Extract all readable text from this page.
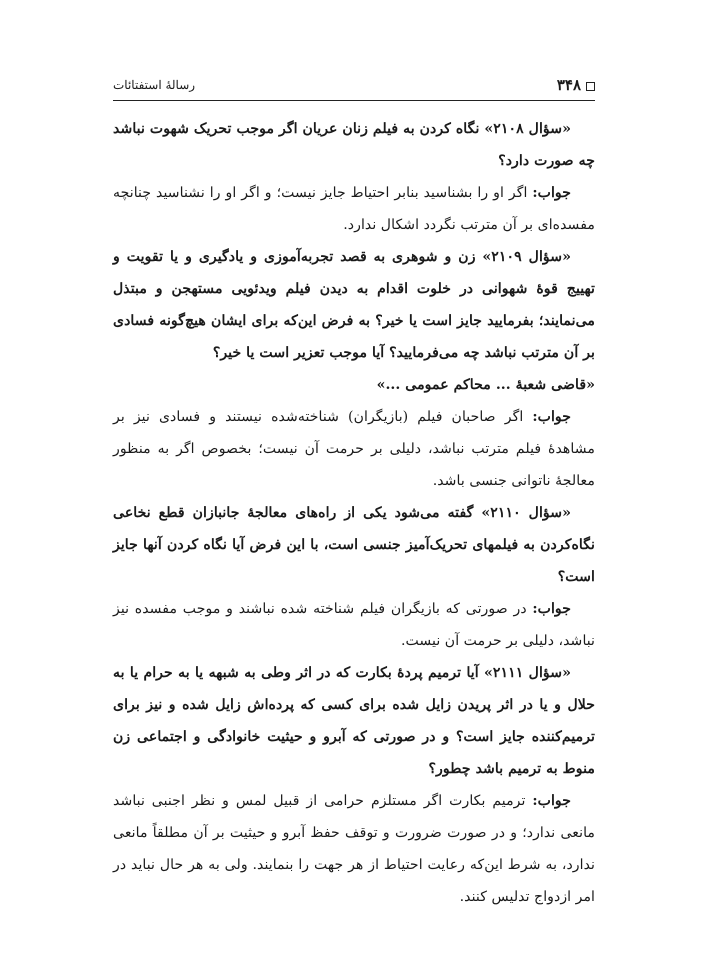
۳۴۸
رسالهٔ استفتائات

«سؤال ۲۱۰۸» نگاه کردن به فیلم زنان عریان اگر موجب تحریک شهوت نباشد چه صورت دارد؟

جواب: اگر او را بشناسید بنابر احتیاط جایز نیست؛ و اگر او را نشناسید چنانچه مفسده‌ای بر آن مترتب نگردد اشکال ندارد.

«سؤال ۲۱۰۹» زن و شوهری به قصد تجربه‌آموزی و یادگیری و یا تقویت و تهییج قوهٔ شهوانی در خلوت اقدام به دیدن فیلم ویدئویی مستهجن و مبتذل می‌نمایند؛ بفرمایید جایز است یا خیر؟ به فرض این‌که برای ایشان هیچ‌گونه فسادی بر آن مترتب نباشد چه می‌فرمایید؟ آیا موجب تعزیر است یا خیر؟

«قاضی شعبهٔ ... محاکم عمومی ...»

جواب: اگر صاحبان فیلم (بازیگران) شناخته‌شده نیستند و فسادی نیز بر مشاهدهٔ فیلم مترتب نباشد، دلیلی بر حرمت آن نیست؛ بخصوص اگر به منظور معالجهٔ ناتوانی جنسی باشد.

«سؤال ۲۱۱۰» گفته می‌شود یکی از راه‌های معالجهٔ جانبازان قطع نخاعی نگاه‌کردن به فیلمهای تحریک‌آمیز جنسی است، با این فرض آیا نگاه کردن آنها جایز است؟

جواب: در صورتی که بازیگران فیلم شناخته شده نباشند و موجب مفسده نیز نباشد، دلیلی بر حرمت آن نیست.

«سؤال ۲۱۱۱» آیا ترمیم پردهٔ بکارت که در اثر وطی به شبهه یا به حرام یا به حلال و یا در اثر پریدن زایل شده برای کسی که پرده‌اش زایل شده و نیز برای ترمیم‌کننده جایز است؟ و در صورتی که آبرو و حیثیت خانوادگی و اجتماعی زن منوط به ترمیم باشد چطور؟

جواب: ترمیم بکارت اگر مستلزم حرامی از قبیل لمس و نظر اجنبی نباشد مانعی ندارد؛ و در صورت ضرورت و توقف حفظ آبرو و حیثیت بر آن مطلقاً مانعی ندارد، به شرط این‌که رعایت احتیاط از هر جهت را بنمایند. ولی به هر حال نباید در امر ازدواج تدلیس کنند.
